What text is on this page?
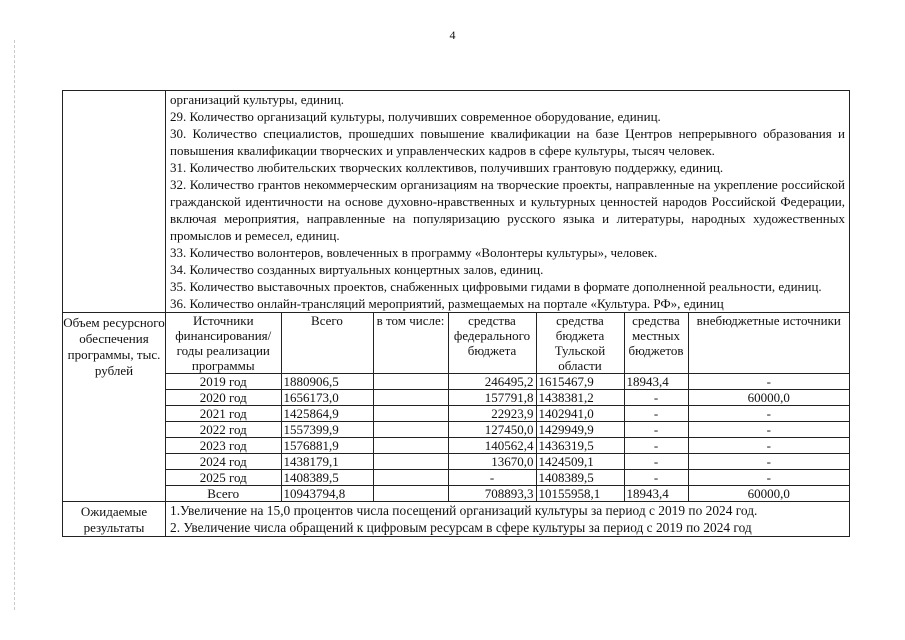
4

организаций культуры, единиц.

29. Количество организаций культуры, получивших современное оборудование, единиц.

30. Количество специалистов, прошедших повышение квалификации на базе Центров непрерывного образования и повышения квалификации творческих и управленческих кадров в сфере культуры, тысяч человек.

31. Количество любительских творческих коллективов, получивших грантовую поддержку, единиц.

32. Количество грантов некоммерческим организациям на творческие проекты, направленные на укрепление российской гражданской идентичности на основе духовно-нравственных и культурных ценностей народов Российской Федерации, включая мероприятия, направленные на популяризацию русского языка и литературы, народных художественных промыслов и ремесел, единиц.

33. Количество волонтеров, вовлеченных в программу «Волонтеры культуры», человек.

34. Количество созданных виртуальных концертных залов, единиц.

35. Количество выставочных проектов, снабженных цифровыми гидами в формате дополненной реальности, единиц.

36. Количество онлайн-трансляций мероприятий, размещаемых на портале «Культура. РФ», единиц

Объем ресурсного обеспечения программы, тыс. рублей	
Источники финансирования/ годы реализации программы	Всего	в том числе:	средства федерального бюджета	средства бюджета Тульской области	средства местных бюджетов	внебюджетные источники
2019 год	1880906,5		246495,2	1615467,9	18943,4	-
2020 год	1656173,0		157791,8	1438381,2	-	60000,0
2021 год	1425864,9		22923,9	1402941,0	-	-
2022 год	1557399,9		127450,0	1429949,9	-	-
2023 год	1576881,9		140562,4	1436319,5	-	-
2024 год	1438179,1		13670,0	1424509,1	-	-
2025 год	1408389,5		-	1408389,5	-	-
Всего	10943794,8		708893,3	10155958,1	18943,4	60000,0

Ожидаемые результаты	

1.Увеличение на 15,0 процентов числа посещений организаций культуры за период с 2019 по 2024 год.

2. Увеличение числа обращений к цифровым ресурсам в сфере культуры за период с 2019 по 2024 год
